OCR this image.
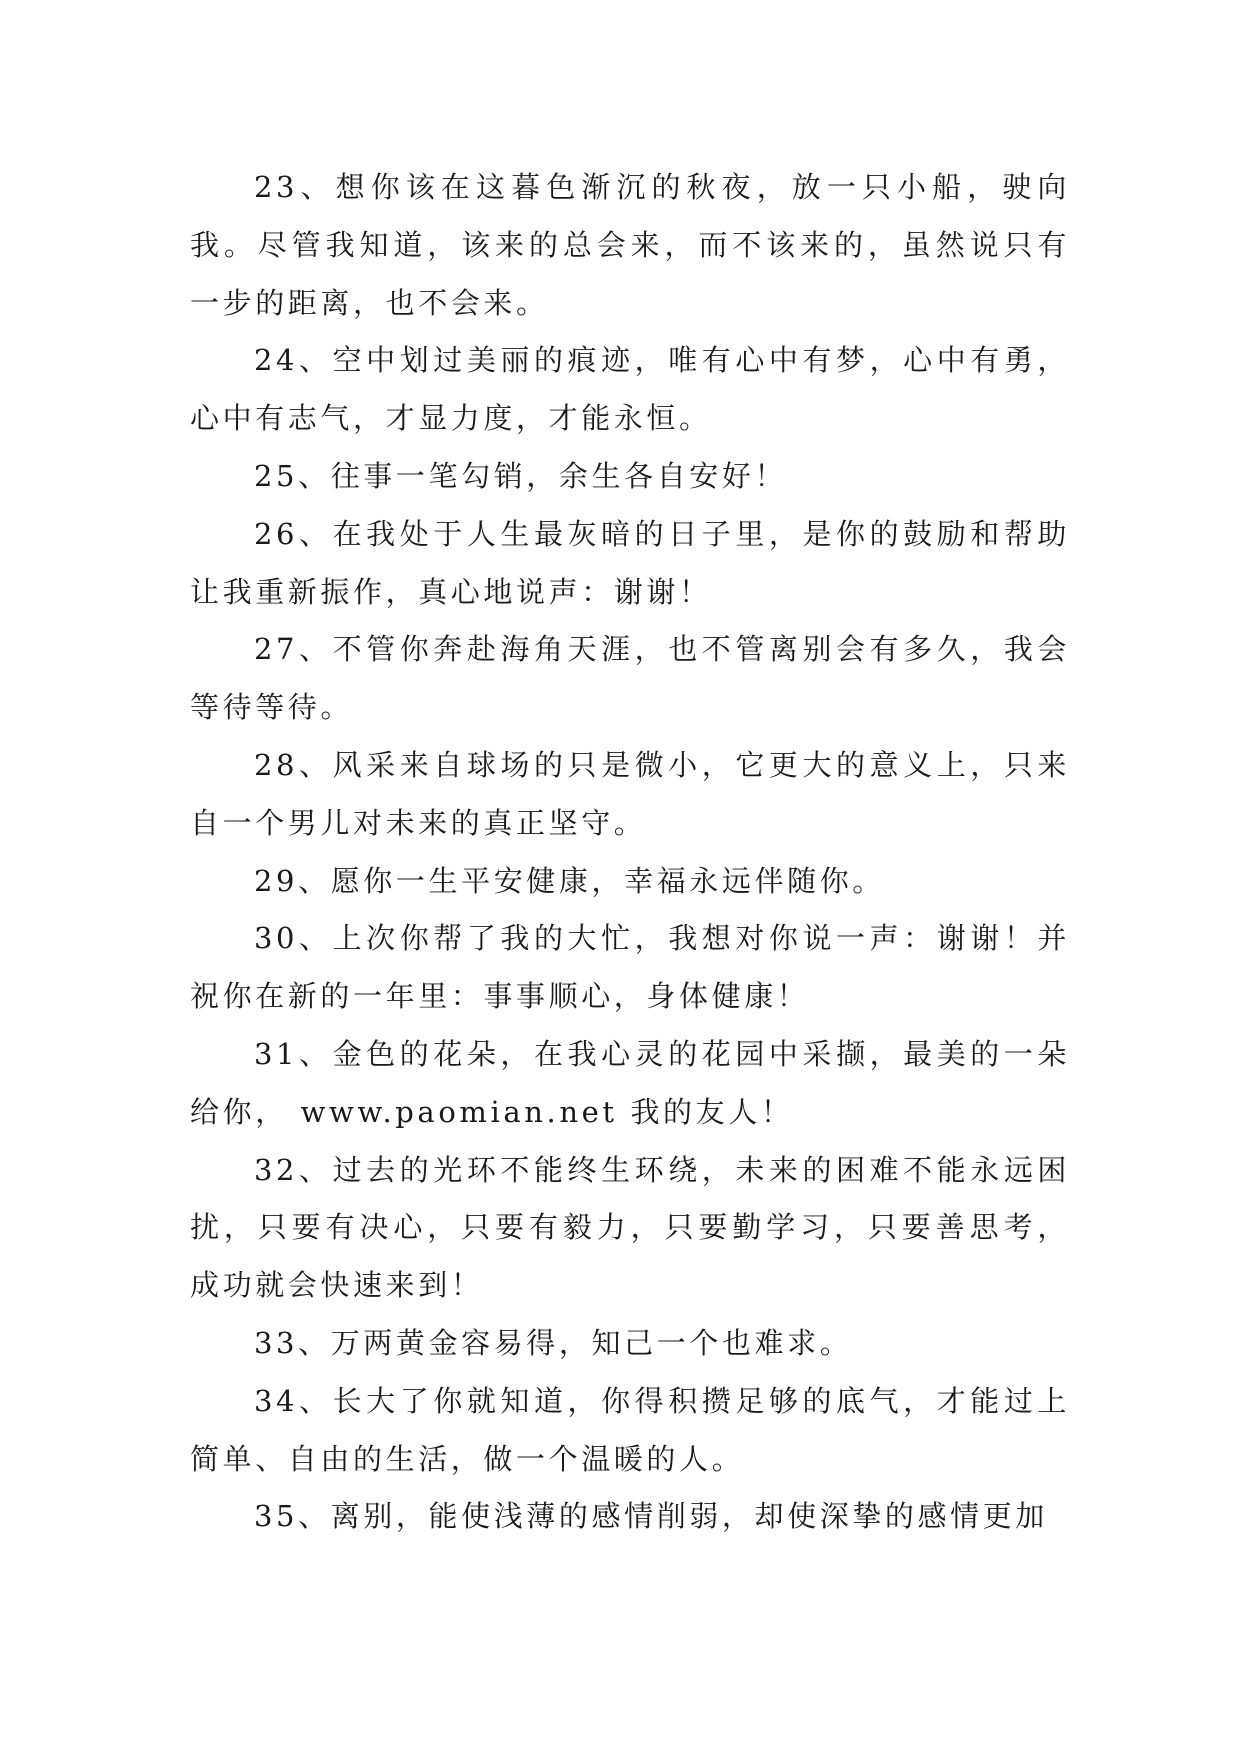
23、想你该在这暮色渐沉的秋夜，放一只小船，驶向我。尽管我知道，该来的总会来，而不该来的，虽然说只有一步的距离，也不会来。

24、空中划过美丽的痕迹，唯有心中有梦，心中有勇，心中有志气，才显力度，才能永恒。

25、往事一笔勾销，余生各自安好！

26、在我处于人生最灰暗的日子里，是你的鼓励和帮助让我重新振作，真心地说声：谢谢！

27、不管你奔赴海角天涯，也不管离别会有多久，我会等待等待。

28、风采来自球场的只是微小，它更大的意义上，只来自一个男儿对未来的真正坚守。

29、愿你一生平安健康，幸福永远伴随你。

30、上次你帮了我的大忙，我想对你说一声：谢谢！并祝你在新的一年里：事事顺心，身体健康！

31、金色的花朵，在我心灵的花园中采撷，最美的一朵给你， www.paomian.net 我的友人！

32、过去的光环不能终生环绕，未来的困难不能永远困扰，只要有决心，只要有毅力，只要勤学习，只要善思考，成功就会快速来到！

33、万两黄金容易得，知己一个也难求。

34、长大了你就知道，你得积攒足够的底气，才能过上简单、自由的生活，做一个温暖的人。

35、离别，能使浅薄的感情削弱，却使深挚的感情更加
